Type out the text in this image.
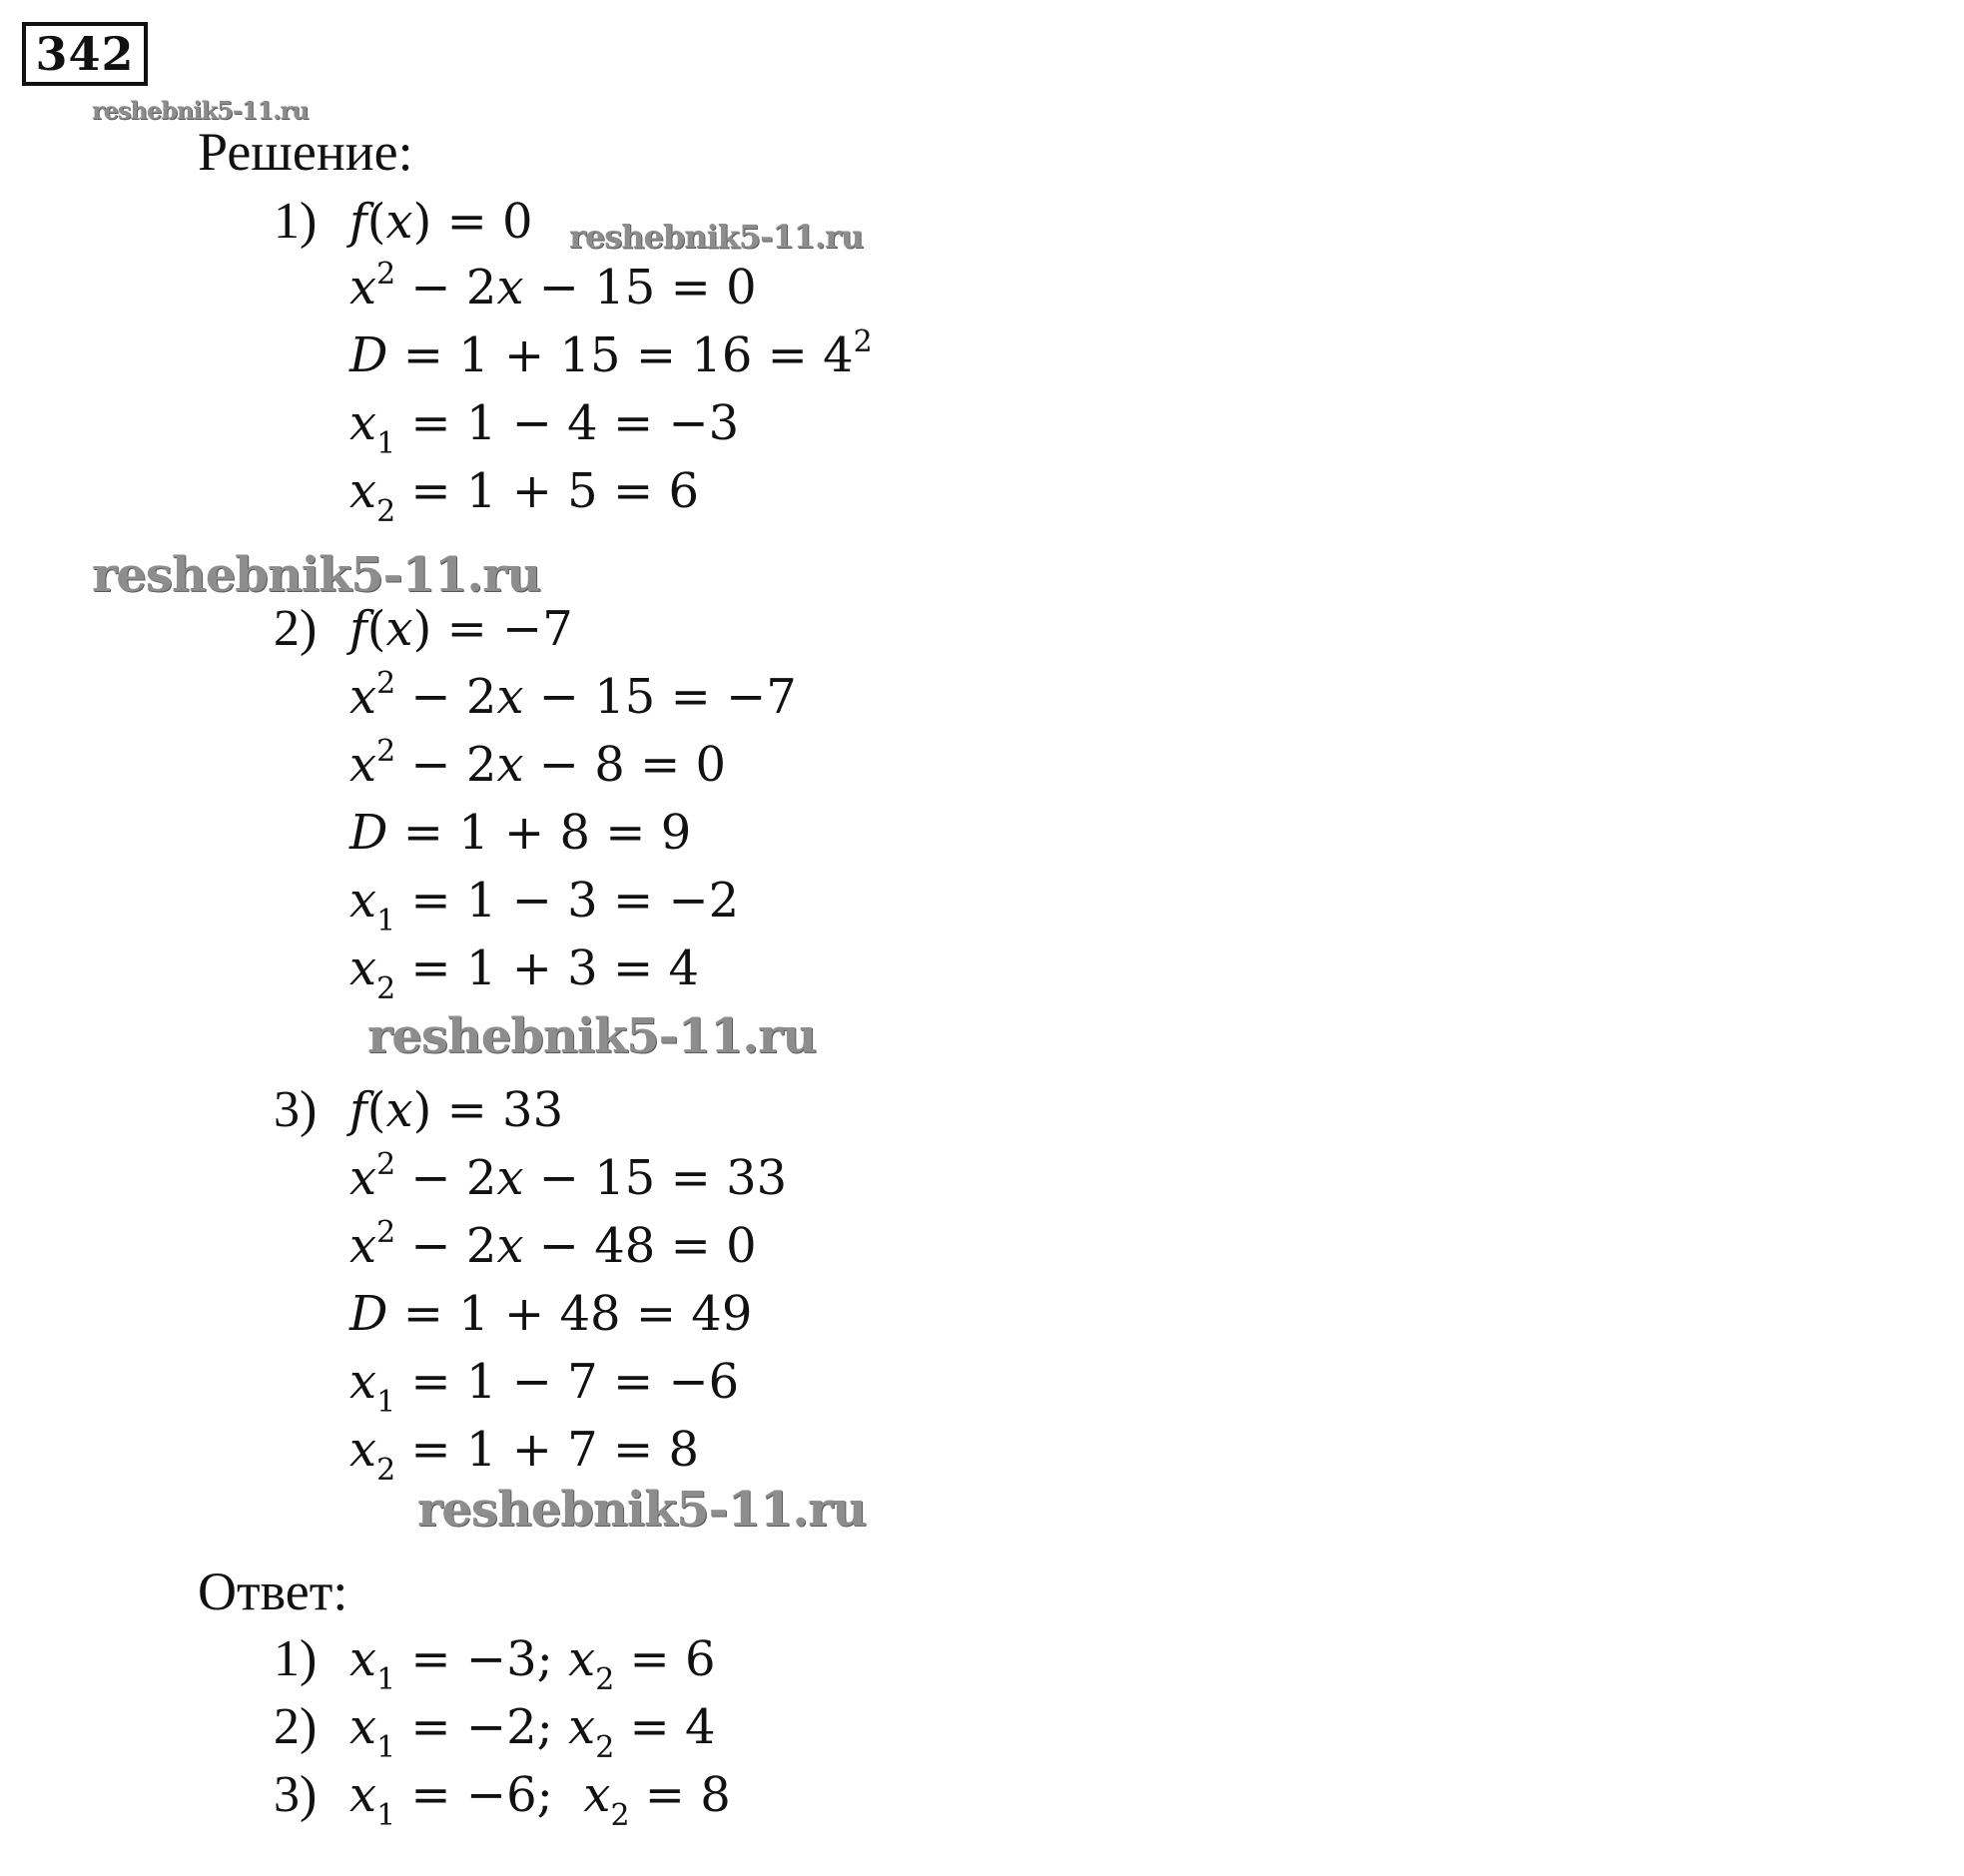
342
reshebnik5-11.ru
reshebnik5-11.ru
reshebnik5-11.ru
reshebnik5-11.ru
reshebnik5-11.ru
Решение:
1) f(x) = 0
$x^2 - 2x - 15 = 0$
$D = 1 + 15 = 16 = 4^2$
$x_1 = 1 - 4 = -3$
$x_2 = 1 + 5 = 6$
2) f(x) = −7
$x^2 - 2x - 15 = -7$
$x^2 - 2x - 8 = 0$
D = 1 + 8 = 9
$x_1 = 1 - 3 = -2$
$x_2 = 1 + 3 = 4$
3) f(x) = 33
$x^2 - 2x - 15 = 33$
$x^2 - 2x - 48 = 0$
D = 1 + 48 = 49
$x_1 = 1 - 7 = -6$
$x_2 = 1 + 7 = 8$
Ответ:
1) $x_1 = -3$; $x_2 = 6$
2) $x_1 = -2$; $x_2 = 4$
3) $x_1 = -6$;  $x_2 = 8$
